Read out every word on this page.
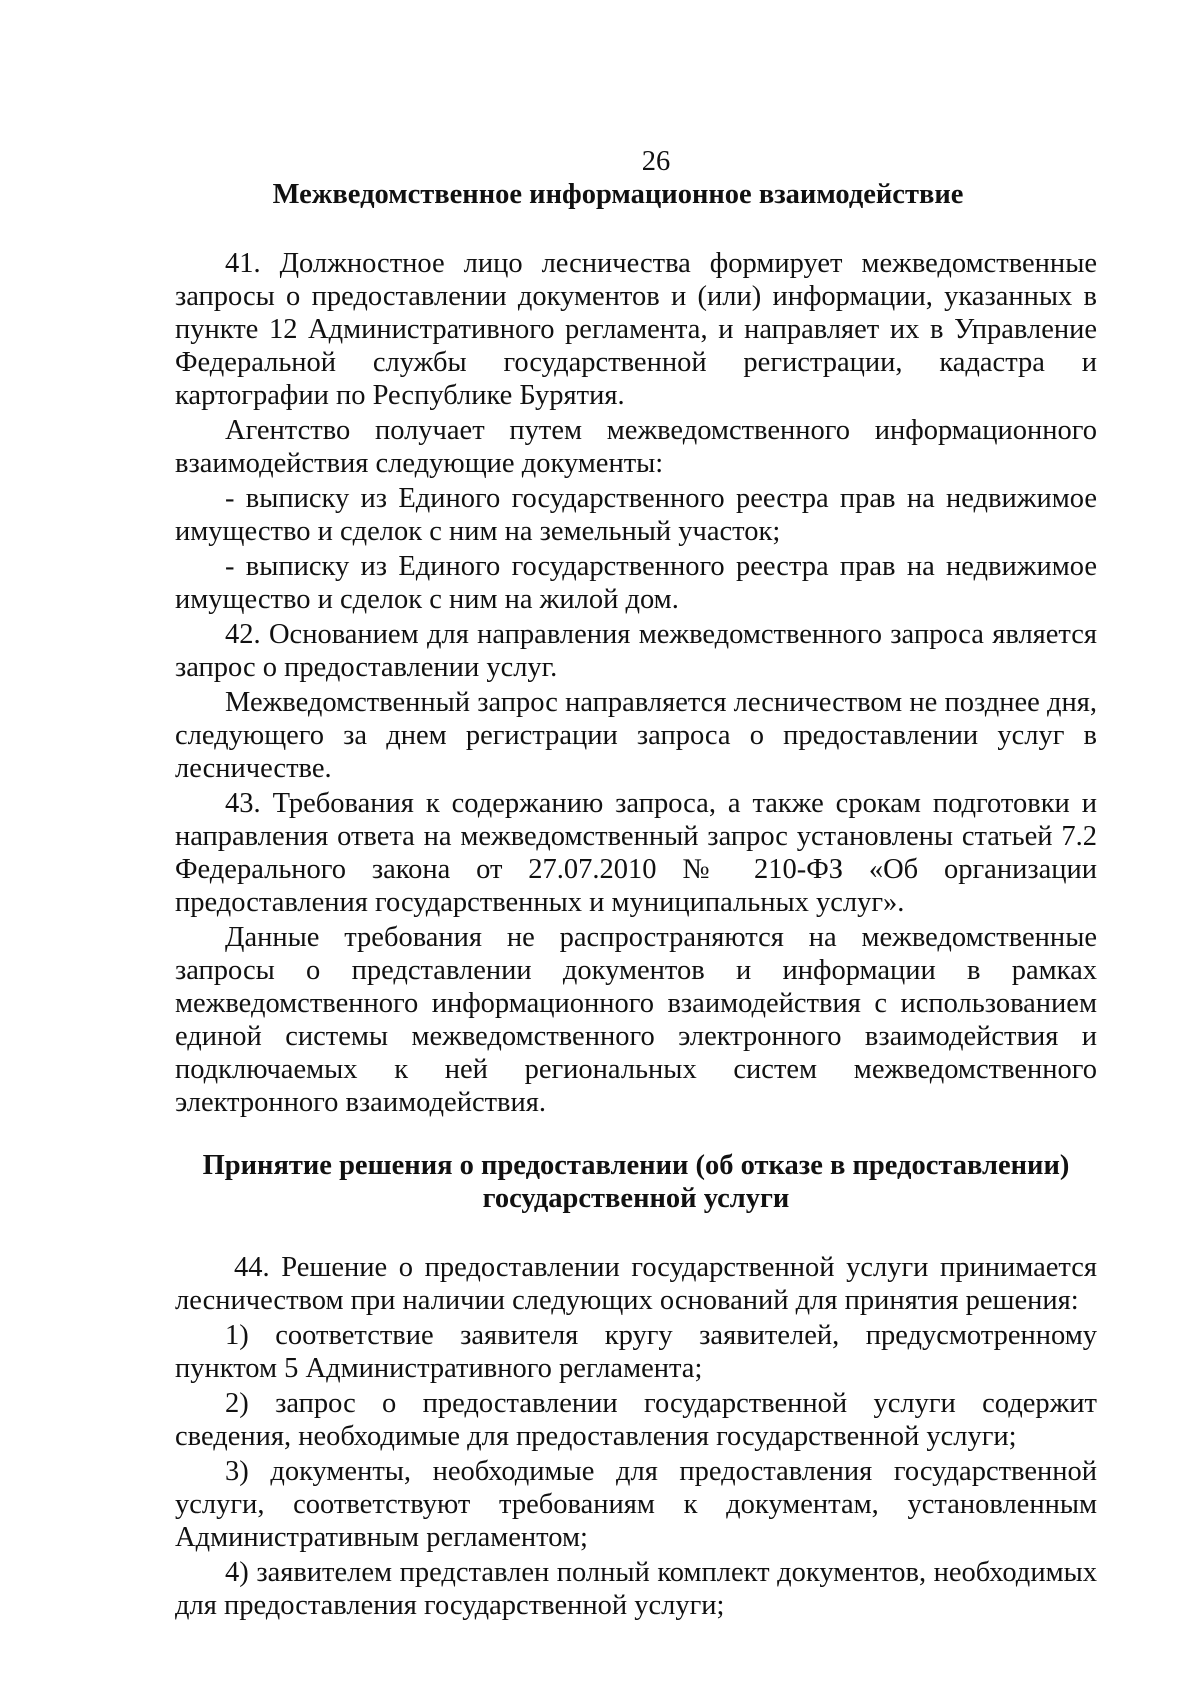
26
Межведомственное информационное взаимодействие

41. Должностное лицо лесничества формирует межведомственные запросы о предоставлении документов и (или) информации, указанных в пункте 12 Административного регламента, и направляет их в Управление Федеральной службы государственной регистрации, кадастра и картографии по Республике Бурятия.

Агентство получает путем межведомственного информационного взаимодействия следующие документы:

- выписку из Единого государственного реестра прав на недвижимое имущество и сделок с ним на земельный участок;

- выписку из Единого государственного реестра прав на недвижимое имущество и сделок с ним на жилой дом.

42. Основанием для направления межведомственного запроса является запрос о предоставлении услуг.

Межведомственный запрос направляется лесничеством не позднее дня, следующего за днем регистрации запроса о предоставлении услуг в лесничестве.

43. Требования к содержанию запроса, а также срокам подготовки и направления ответа на межведомственный запрос установлены статьей 7.2 Федерального закона от 27.07.2010 № 210-ФЗ «Об организации предоставления государственных и муниципальных услуг».

Данные требования не распространяются на межведомственные запросы о представлении документов и информации в рамках межведомственного информационного взаимодействия с использованием единой системы межведомственного электронного взаимодействия и подключаемых к ней региональных систем межведомственного электронного взаимодействия.

Принятие решения о предоставлении (об отказе в предоставлении)
государственной услуги

44. Решение о предоставлении государственной услуги принимается лесничеством при наличии следующих оснований для принятия решения:

1) соответствие заявителя кругу заявителей, предусмотренному пунктом 5 Административного регламента;

2) запрос о предоставлении государственной услуги содержит сведения, необходимые для предоставления государственной услуги;

3) документы, необходимые для предоставления государственной услуги, соответствуют требованиям к документам, установленным Административным регламентом;

4) заявителем представлен полный комплект документов, необходимых для предоставления государственной услуги;
